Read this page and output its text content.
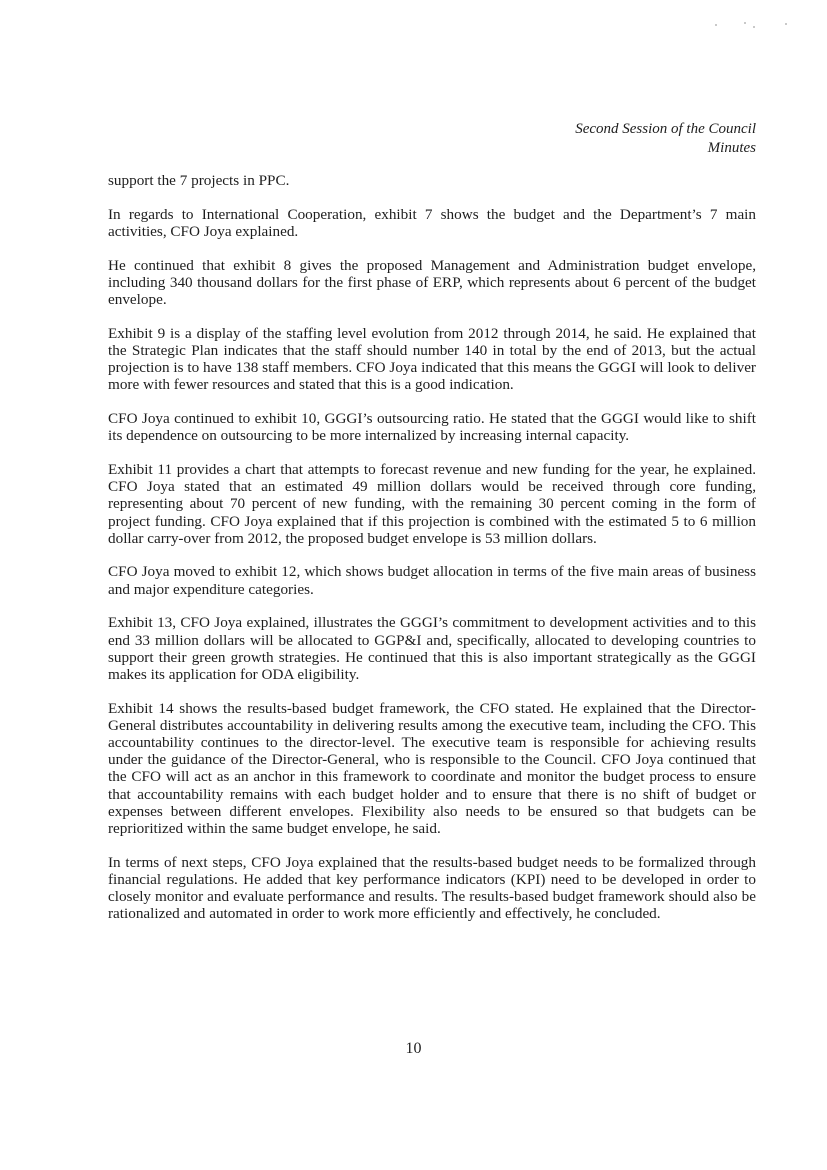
Second Session of the Council
Minutes

support the 7 projects in PPC.

In regards to International Cooperation, exhibit 7 shows the budget and the Department’s 7 main activities, CFO Joya explained.

He continued that exhibit 8 gives the proposed Management and Administration budget envelope, including 340 thousand dollars for the first phase of ERP, which represents about 6 percent of the budget envelope.

Exhibit 9 is a display of the staffing level evolution from 2012 through 2014, he said. He explained that the Strategic Plan indicates that the staff should number 140 in total by the end of 2013, but the actual projection is to have 138 staff members. CFO Joya indicated that this means the GGGI will look to deliver more with fewer resources and stated that this is a good indication.

CFO Joya continued to exhibit 10, GGGI’s outsourcing ratio. He stated that the GGGI would like to shift its dependence on outsourcing to be more internalized by increasing internal capacity.

Exhibit 11 provides a chart that attempts to forecast revenue and new funding for the year, he explained. CFO Joya stated that an estimated 49 million dollars would be received through core funding, representing about 70 percent of new funding, with the remaining 30 percent coming in the form of project funding. CFO Joya explained that if this projection is combined with the estimated 5 to 6 million dollar carry-over from 2012, the proposed budget envelope is 53 million dollars.

CFO Joya moved to exhibit 12, which shows budget allocation in terms of the five main areas of business and major expenditure categories.

Exhibit 13, CFO Joya explained, illustrates the GGGI’s commitment to development activities and to this end 33 million dollars will be allocated to GGP&I and, specifically, allocated to developing countries to support their green growth strategies. He continued that this is also important strategically as the GGGI makes its application for ODA eligibility.

Exhibit 14 shows the results-based budget framework, the CFO stated. He explained that the Director-General distributes accountability in delivering results among the executive team, including the CFO. This accountability continues to the director-level. The executive team is responsible for achieving results under the guidance of the Director-General, who is responsible to the Council. CFO Joya continued that the CFO will act as an anchor in this framework to coordinate and monitor the budget process to ensure that accountability remains with each budget holder and to ensure that there is no shift of budget or expenses between different envelopes. Flexibility also needs to be ensured so that budgets can be reprioritized within the same budget envelope, he said.

In terms of next steps, CFO Joya explained that the results-based budget needs to be formalized through financial regulations. He added that key performance indicators (KPI) need to be developed in order to closely monitor and evaluate performance and results. The results-based budget framework should also be rationalized and automated in order to work more efficiently and effectively, he concluded.

10
